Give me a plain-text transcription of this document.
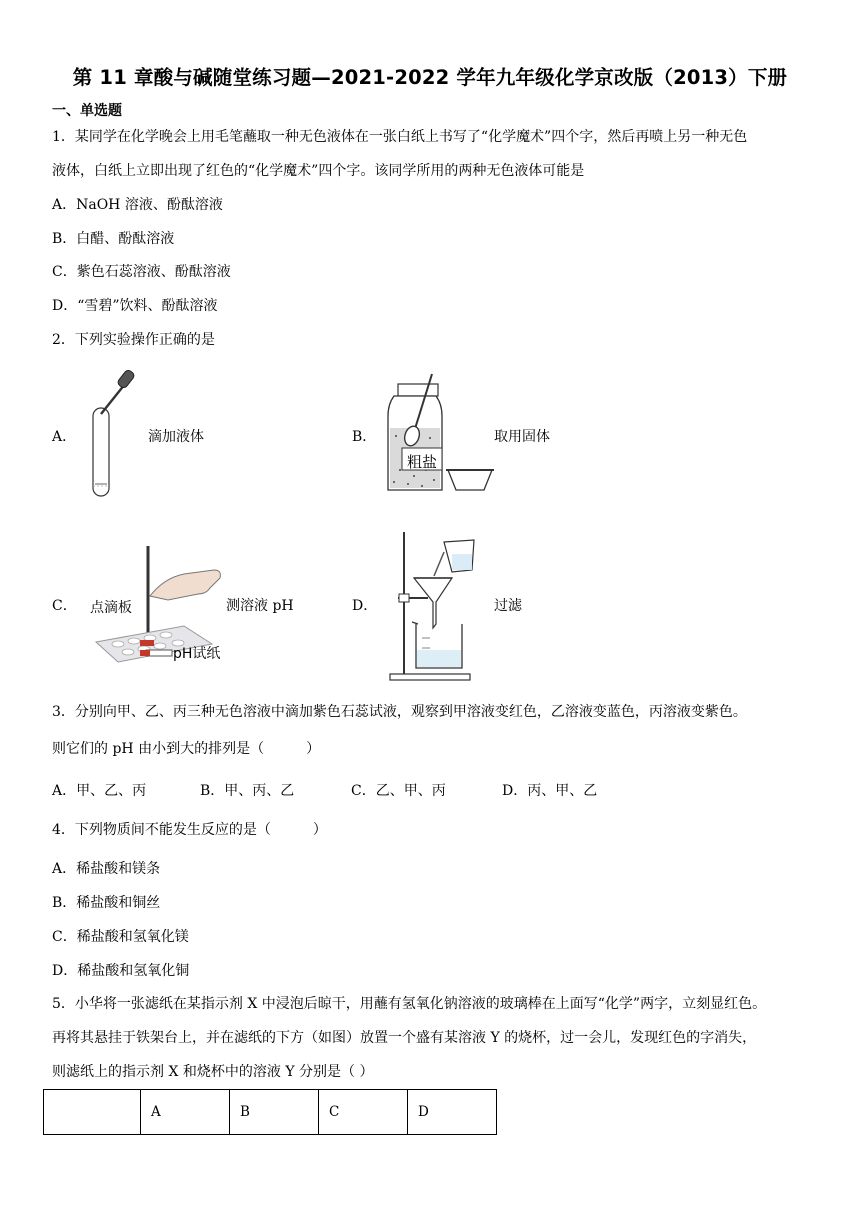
第 11 章酸与碱随堂练习题—2021-2022 学年九年级化学京改版（2013）下册
一、单选题
1．某同学在化学晚会上用毛笔蘸取一种无色液体在一张白纸上书写了“化学魔术”四个字，然后再喷上另一种无色
液体，白纸上立即出现了红色的“化学魔术”四个字。该同学所用的两种无色液体可能是
A．NaOH 溶液、酚酞溶液
B．白醋、酚酞溶液
C．紫色石蕊溶液、酚酞溶液
D．“雪碧”饮料、酚酞溶液
2．下列实验操作正确的是
A．	滴加液体	B．
粗盐
取用固体
C． 点滴板
pH试纸
测溶液 pH	D．	过滤
3．分别向甲、乙、丙三种无色溶液中滴加紫色石蕊试液，观察到甲溶液变红色，乙溶液变蓝色，丙溶液变紫色。
则它们的 pH 由小到大的排列是（　　　）
A．甲、乙、丙	B．甲、丙、乙	C．乙、甲、丙	D．丙、甲、乙
4．下列物质间不能发生反应的是（　　　）
A．稀盐酸和镁条
B．稀盐酸和铜丝
C．稀盐酸和氢氧化镁
D．稀盐酸和氢氧化铜
5．小华将一张滤纸在某指示剂 X 中浸泡后晾干，用蘸有氢氧化钠溶液的玻璃棒在上面写“化学”两字，立刻显红色。
再将其悬挂于铁架台上，并在滤纸的下方（如图）放置一个盛有某溶液 Y 的烧杯，过一会儿，发现红色的字消失，
则滤纸上的指示剂 X 和烧杯中的溶液 Y 分别是（ ）
	A	B	C	D
